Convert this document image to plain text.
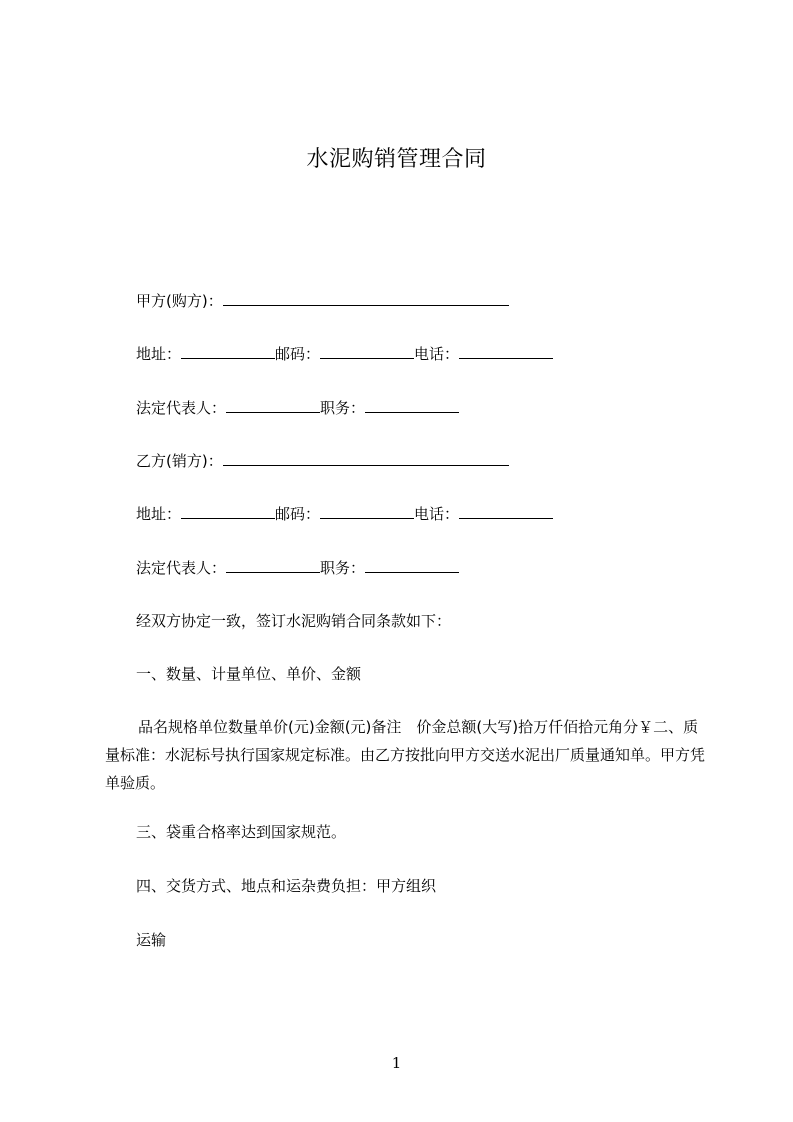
水泥购销管理合同
甲方(购方)：
地址：	邮码：	电话：
法定代表人：	职务：
乙方(销方)：
地址：	邮码：	电话：
法定代表人：	职务：
经双方协定一致，签订水泥购销合同条款如下：
一、数量、计量单位、单价、金额
品名规格单位数量单价(元)金额(元)备注　价金总额(大写)拾万仟佰拾元角分￥二、质量标准：水泥标号执行国家规定标准。由乙方按批向甲方交送水泥出厂质量通知单。甲方凭单验质。
三、袋重合格率达到国家规范。
四、交货方式、地点和运杂费负担：甲方组织
运输
1
